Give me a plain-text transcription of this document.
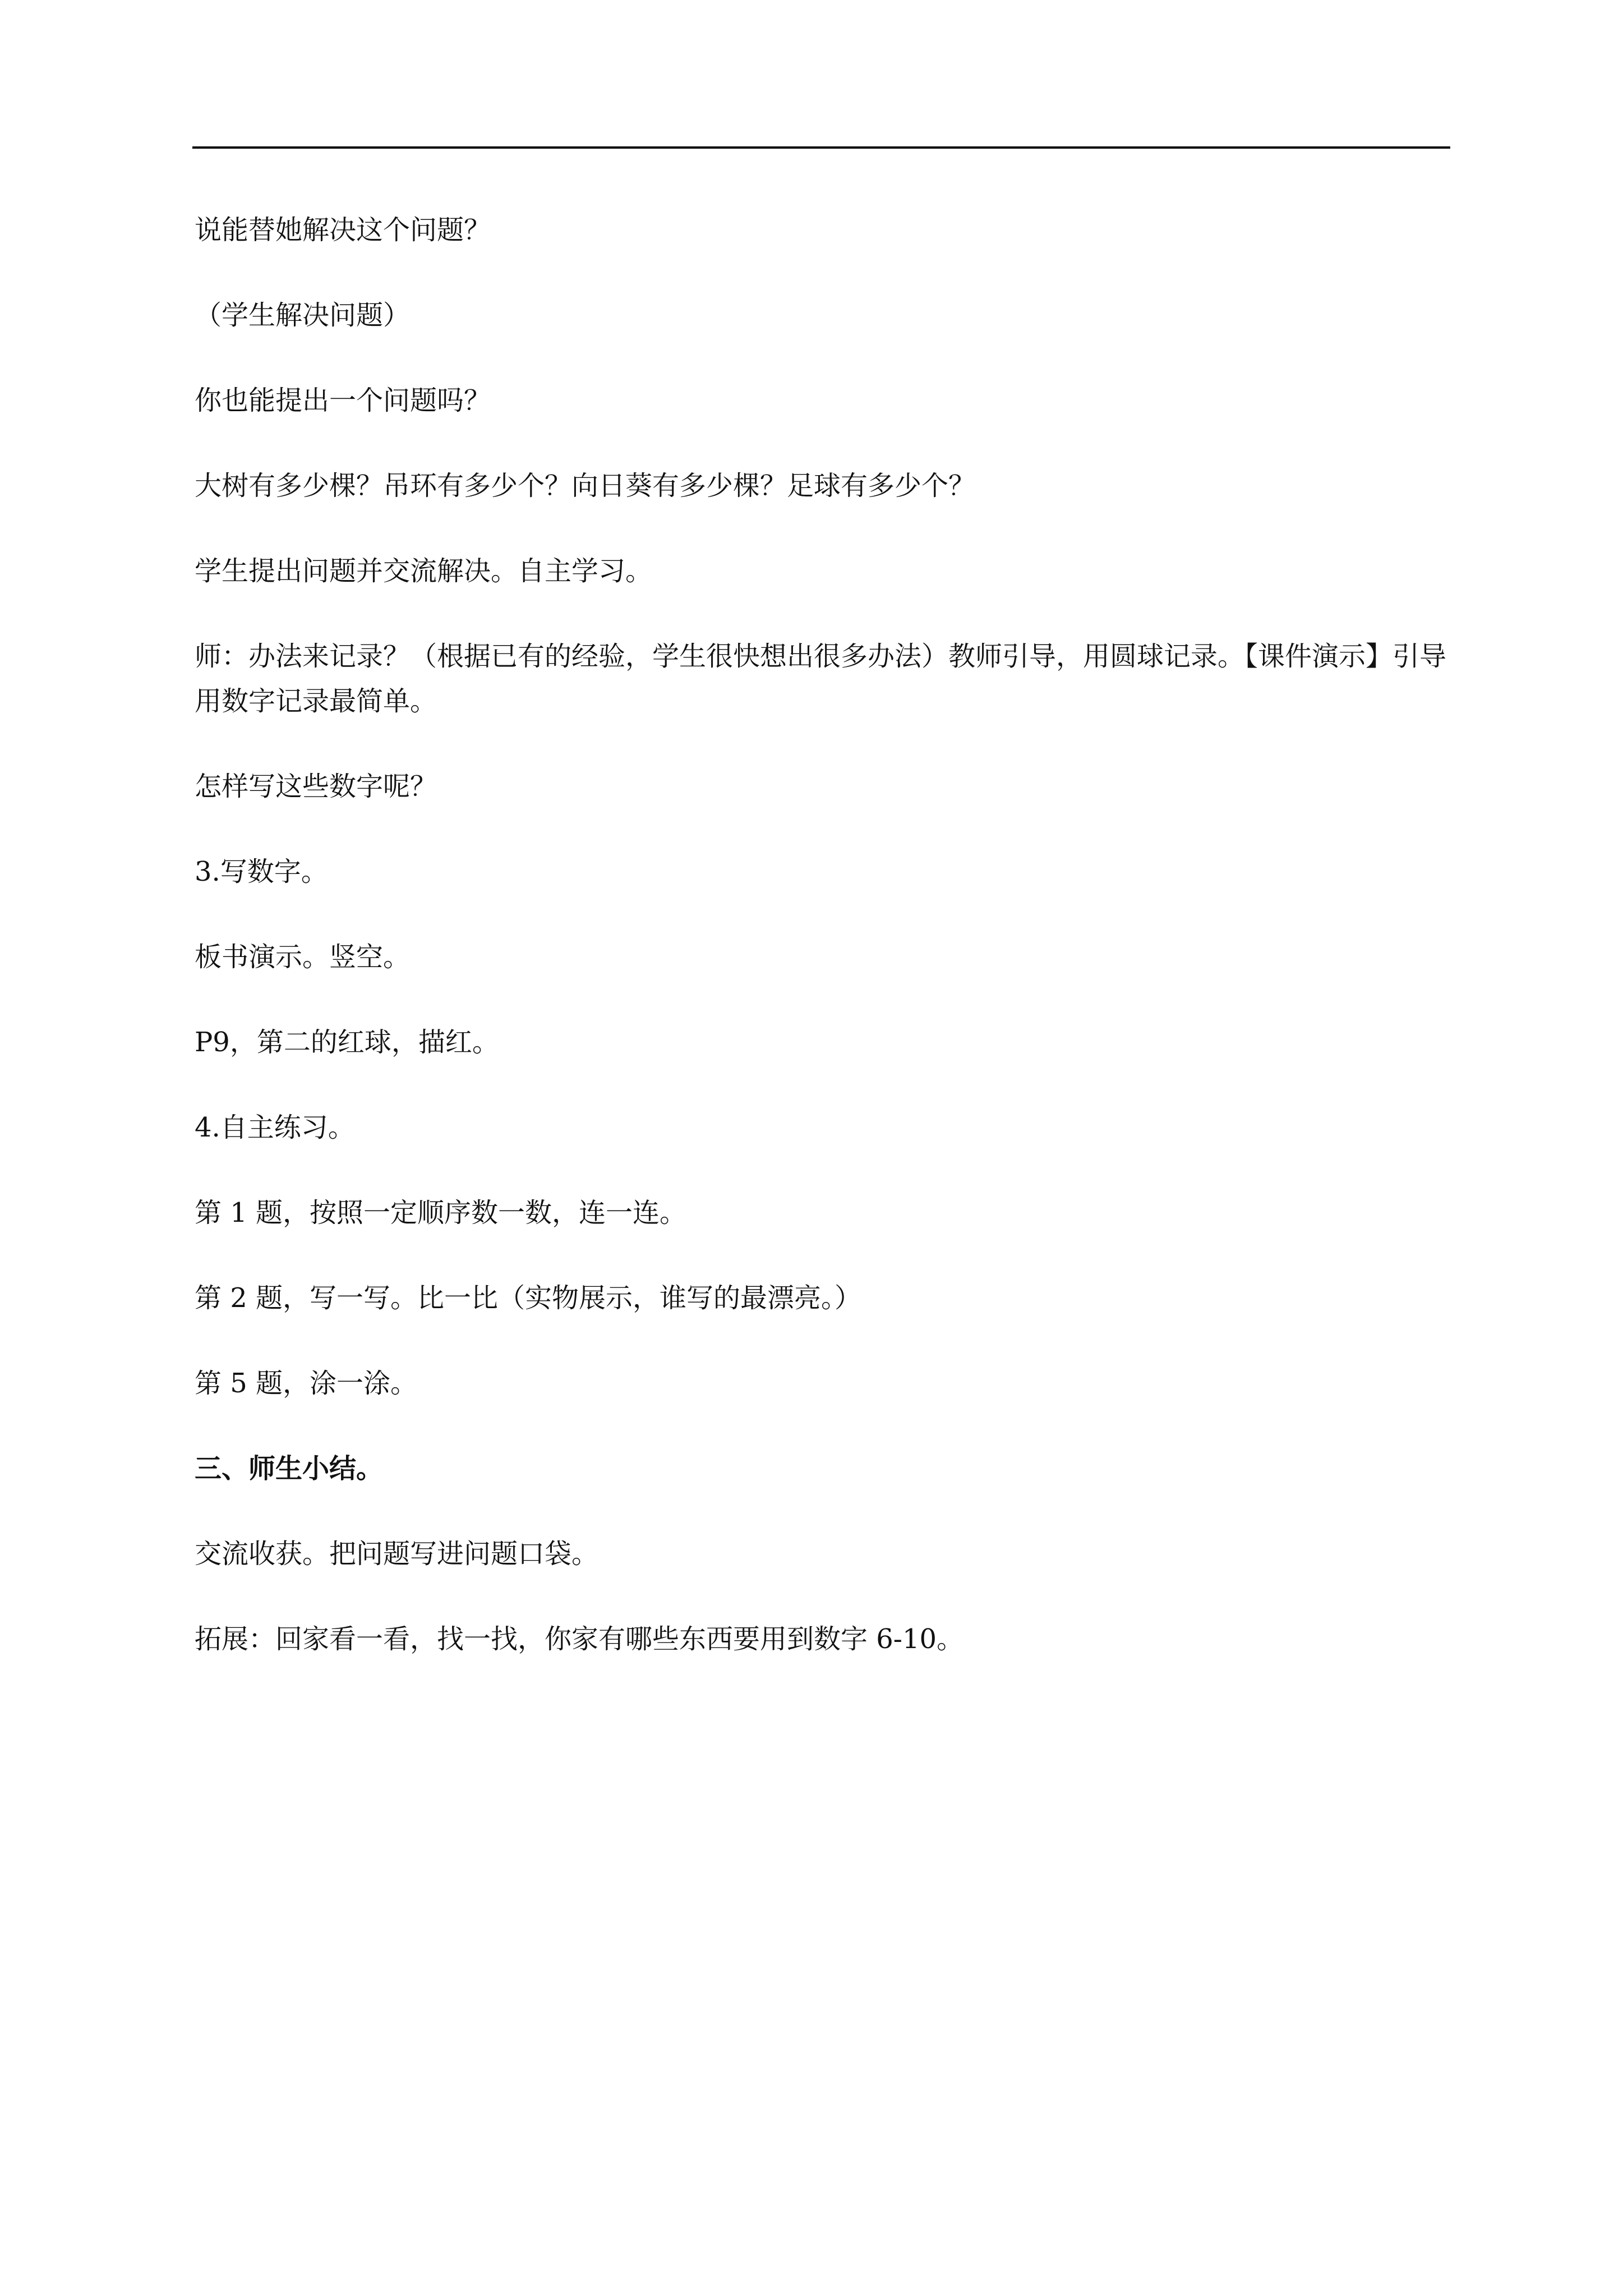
说能替她解决这个问题？

（学生解决问题）

你也能提出一个问题吗？

大树有多少棵？吊环有多少个？向日葵有多少棵？足球有多少个？

学生提出问题并交流解决。自主学习。

师：办法来记录？（根据已有的经验，学生很快想出很多办法）教师引导，用圆球记录。【课件演示】引导用数字记录最简单。

怎样写这些数字呢？

3.写数字。

板书演示。竖空。

P9，第二的红球，描红。

4.自主练习。

第 1 题，按照一定顺序数一数，连一连。

第 2 题，写一写。比一比（实物展示，谁写的最漂亮。）

第 5 题，涂一涂。

三、师生小结。

交流收获。把问题写进问题口袋。

拓展：回家看一看，找一找，你家有哪些东西要用到数字 6-10。
